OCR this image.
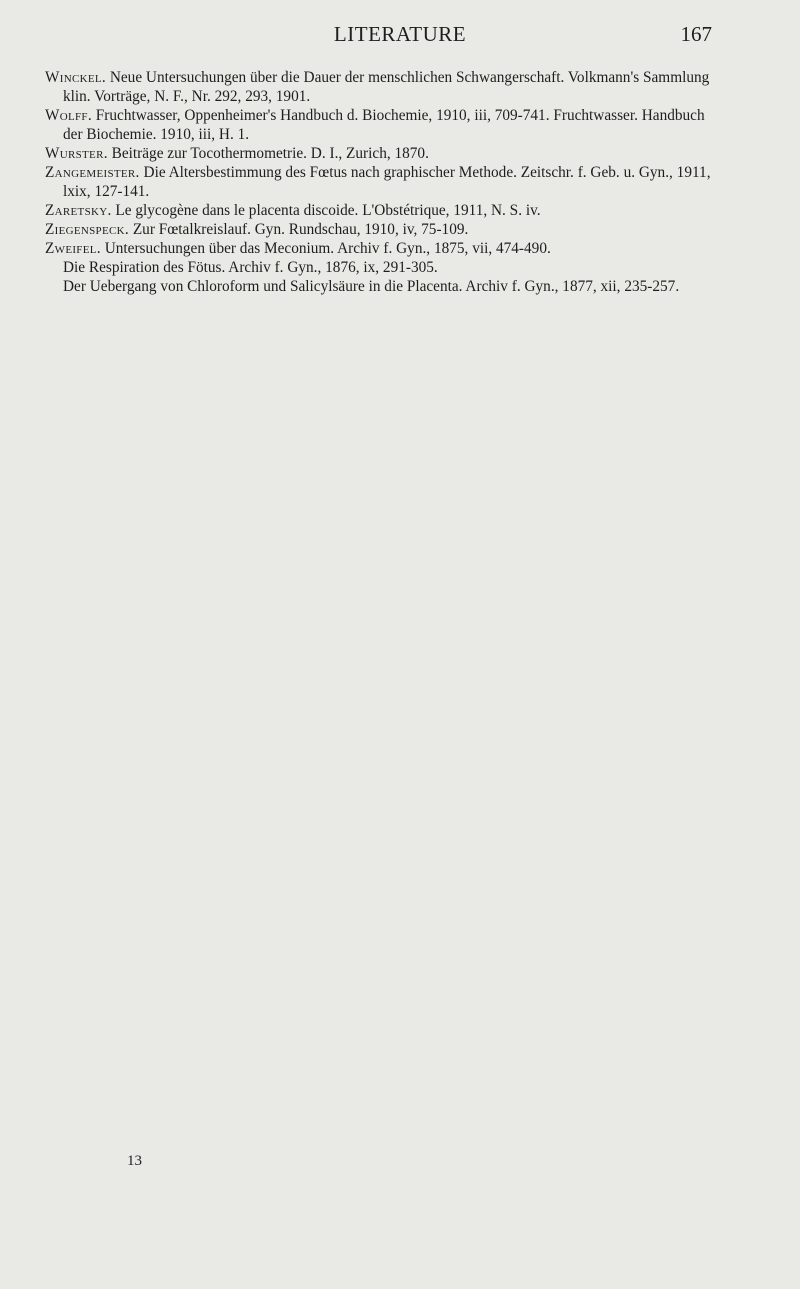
LITERATURE	167

Winckel. Neue Untersuchungen über die Dauer der menschlichen Schwangerschaft. Volkmann's Sammlung klin. Vorträge, N. F., Nr. 292, 293, 1901.

Wolff. Fruchtwasser, Oppenheimer's Handbuch d. Biochemie, 1910, iii, 709-741. Fruchtwasser. Handbuch der Biochemie. 1910, iii, H. 1.

Wurster. Beiträge zur Tocothermometrie. D. I., Zurich, 1870.

Zangemeister. Die Altersbestimmung des Fœtus nach graphischer Methode. Zeitschr. f. Geb. u. Gyn., 1911, lxix, 127-141.

Zaretsky. Le glycogène dans le placenta discoide. L'Obstétrique, 1911, N. S. iv.

Ziegenspeck. Zur Fœtalkreislauf. Gyn. Rundschau, 1910, iv, 75-109.

Zweifel. Untersuchungen über das Meconium. Archiv f. Gyn., 1875, vii, 474-490.

Die Respiration des Fötus. Archiv f. Gyn., 1876, ix, 291-305.

Der Uebergang von Chloroform und Salicylsäure in die Placenta. Archiv f. Gyn., 1877, xii, 235-257.

13
